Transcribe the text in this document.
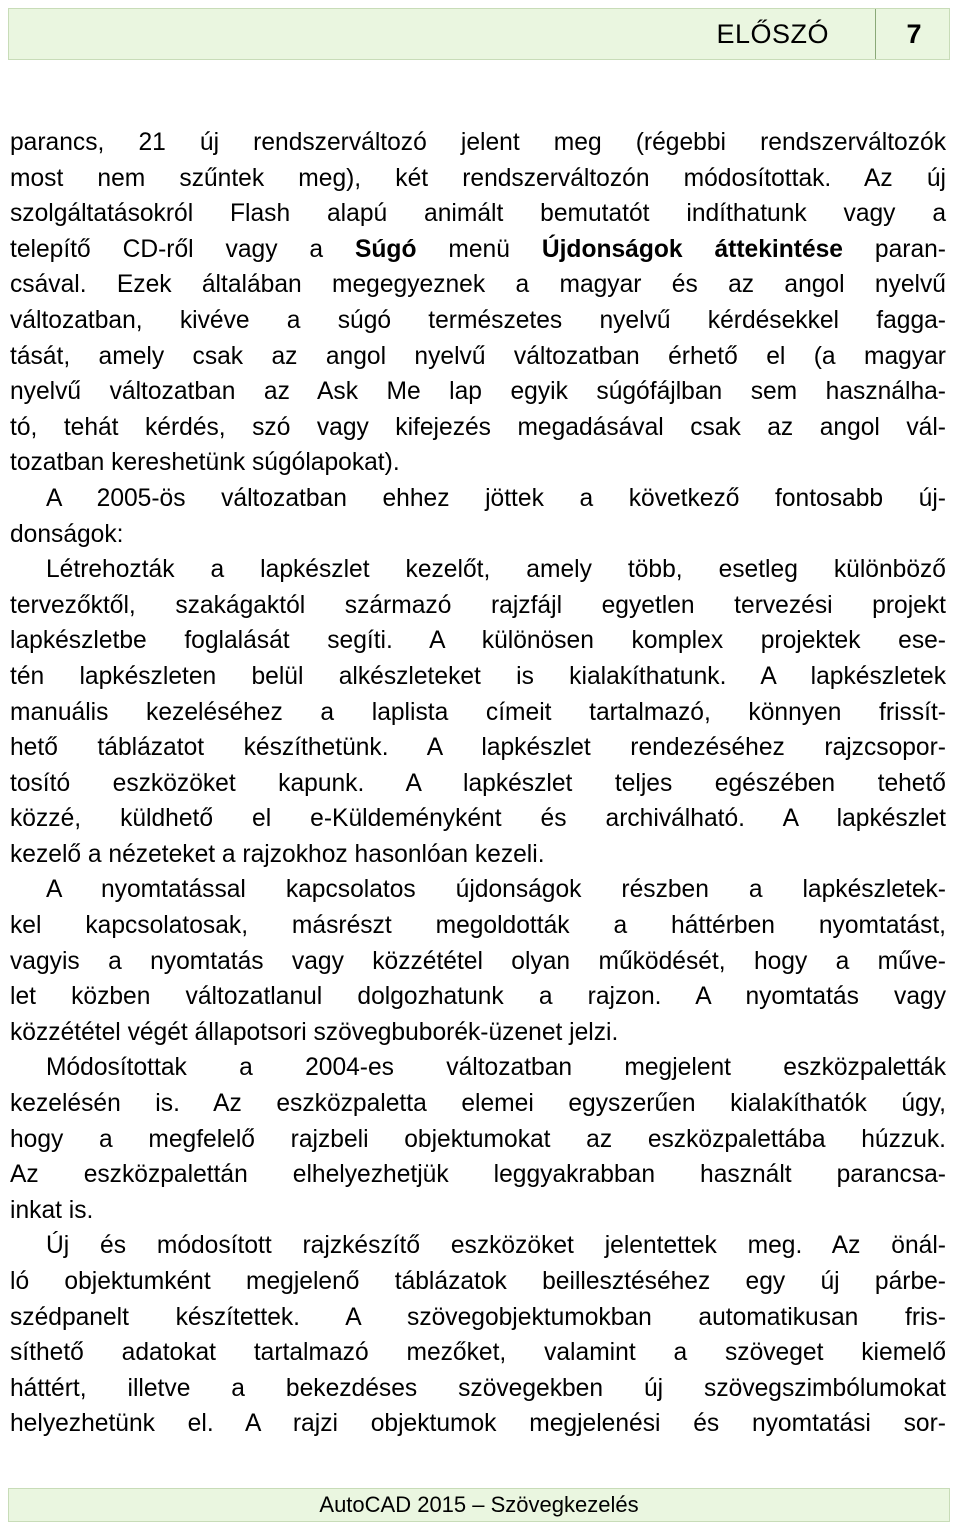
ELŐSZÓ	7
parancs, 21 új rendszerváltozó jelent meg (régebbi rendszerváltozók
most nem szűntek meg), két rendszerváltozón módosítottak. Az új
szolgáltatásokról Flash alapú animált bemutatót indíthatunk vagy a
telepítő CD-ről vagy a Súgó menü Újdonságok áttekintése paran-
csával. Ezek általában megegyeznek a magyar és az angol nyelvű
változatban, kivéve a súgó természetes nyelvű kérdésekkel fagga-
tását, amely csak az angol nyelvű változatban érhető el (a magyar
nyelvű változatban az Ask Me lap egyik súgófájlban sem használha-
tó, tehát kérdés, szó vagy kifejezés megadásával csak az angol vál-
tozatban kereshetünk súgólapokat).
A 2005-ös változatban ehhez jöttek a következő fontosabb új-
donságok:
Létrehozták a lapkészlet kezelőt, amely több, esetleg különböző
tervezőktől, szakágaktól származó rajzfájl egyetlen tervezési projekt
lapkészletbe foglalását segíti. A különösen komplex projektek ese-
tén lapkészleten belül alkészleteket is kialakíthatunk. A lapkészletek
manuális kezeléséhez a laplista címeit tartalmazó, könnyen frissít-
hető táblázatot készíthetünk. A lapkészlet rendezéséhez rajzcsopor-
tosító eszközöket kapunk. A lapkészlet teljes egészében tehető
közzé, küldhető el e-Küldeményként és archiválható. A lapkészlet
kezelő a nézeteket a rajzokhoz hasonlóan kezeli.
A nyomtatással kapcsolatos újdonságok részben a lapkészletek-
kel kapcsolatosak, másrészt megoldották a háttérben nyomtatást,
vagyis a nyomtatás vagy közzététel olyan működését, hogy a műve-
let közben változatlanul dolgozhatunk a rajzon. A nyomtatás vagy
közzététel végét állapotsori szövegbuborék-üzenet jelzi.
Módosítottak a 2004-es változatban megjelent eszközpaletták
kezelésén is. Az eszközpaletta elemei egyszerűen kialakíthatók úgy,
hogy a megfelelő rajzbeli objektumokat az eszközpalettába húzzuk.
Az eszközpalettán elhelyezhetjük leggyakrabban használt parancsa-
inkat is.
Új és módosított rajzkészítő eszközöket jelentettek meg. Az önál-
ló objektumként megjelenő táblázatok beillesztéséhez egy új párbe-
szédpanelt készítettek. A szövegobjektumokban automatikusan fris-
síthető adatokat tartalmazó mezőket, valamint a szöveget kiemelő
háttért, illetve a bekezdéses szövegekben új szövegszimbólumokat
helyezhetünk el. A rajzi objektumok megjelenési és nyomtatási sor-
AutoCAD 2015 – Szövegkezelés
